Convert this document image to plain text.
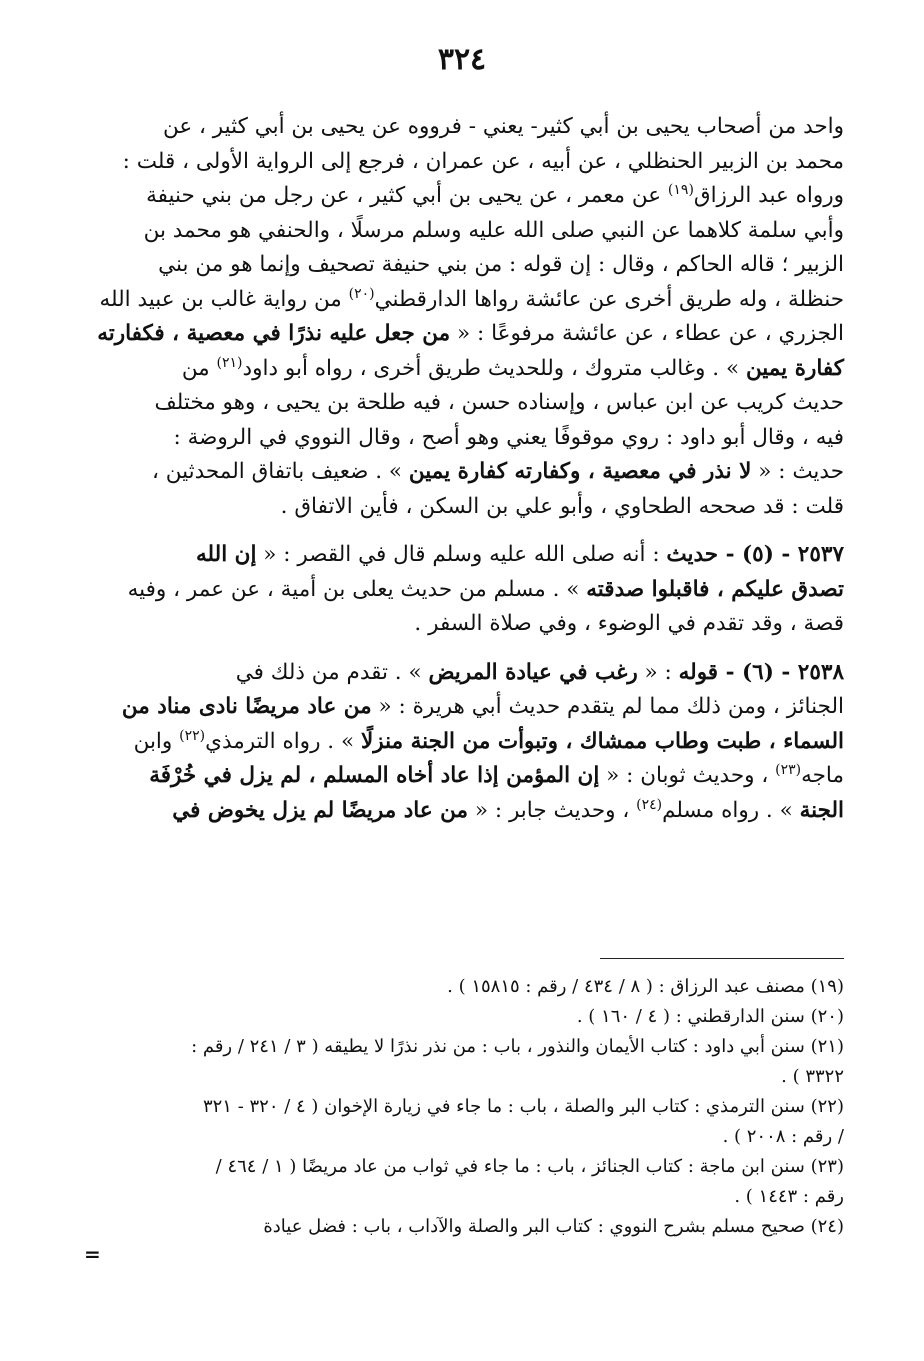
٣٢٤
واحد من أصحاب يحيى بن أبي كثير- يعني - فرووه عن يحيى بن أبي كثير ، عن
محمد بن الزبير الحنظلي ، عن أبيه ، عن عمران ، فرجع إلى الرواية الأولى ، قلت :
ورواه عبد الرزاق$^{(١٩)}$ عن معمر ، عن يحيى بن أبي كثير ، عن رجل من بني حنيفة
وأبي سلمة كلاهما عن النبي صلى الله عليه وسلم مرسلًا ، والحنفي هو محمد بن
الزبير ؛ قاله الحاكم ، وقال : إن قوله : من بني حنيفة تصحيف وإنما هو من بني
حنظلة ، وله طريق أخرى عن عائشة رواها الدارقطني$^{(٢٠)}$ من رواية غالب بن عبيد الله
الجزري ، عن عطاء ، عن عائشة مرفوعًا : « من جعل عليه نذرًا في معصية ، فكفارته
كفارة يمين » . وغالب متروك ، وللحديث طريق أخرى ، رواه أبو داود$^{(٢١)}$ من
حديث كريب عن ابن عباس ، وإسناده حسن ، فيه طلحة بن يحيى ، وهو مختلف
فيه ، وقال أبو داود : روي موقوفًا يعني وهو أصح ، وقال النووي في الروضة :
حديث : « لا نذر في معصية ، وكفارته كفارة يمين » . ضعيف باتفاق المحدثين ،
قلت : قد صححه الطحاوي ، وأبو علي بن السكن ، فأين الاتفاق .
٢٥٣٧ - (٥) - حديث : أنه صلى الله عليه وسلم قال في القصر : « إن الله
تصدق عليكم ، فاقبلوا صدقته » . مسلم من حديث يعلى بن أمية ، عن عمر ، وفيه
قصة ، وقد تقدم في الوضوء ، وفي صلاة السفر .
٢٥٣٨ - (٦) - قوله : « رغب في عيادة المريض » . تقدم من ذلك في
الجنائز ، ومن ذلك مما لم يتقدم حديث أبي هريرة : « من عاد مريضًا نادى مناد من
السماء ، طبت وطاب ممشاك ، وتبوأت من الجنة منزلًا » . رواه الترمذي$^{(٢٢)}$ وابن
ماجه$^{(٢٣)}$ ، وحديث ثوبان : « إن المؤمن إذا عاد أخاه المسلم ، لم يزل في خُرْفَة
الجنة » . رواه مسلم$^{(٢٤)}$ ، وحديث جابر : « من عاد مريضًا لم يزل يخوض في
(١٩) مصنف عبد الرزاق : ( ٨ / ٤٣٤ / رقم : ١٥٨١٥ ) .
(٢٠) سنن الدارقطني : ( ٤ / ١٦٠ ) .
(٢١) سنن أبي داود : كتاب الأيمان والنذور ، باب : من نذر نذرًا لا يطيقه ( ٣ / ٢٤١ / رقم :
٣٣٢٢ ) .
(٢٢) سنن الترمذي : كتاب البر والصلة ، باب : ما جاء في زيارة الإخوان ( ٤ / ٣٢٠ - ٣٢١
/ رقم : ٢٠٠٨ ) .
(٢٣) سنن ابن ماجة : كتاب الجنائز ، باب : ما جاء في ثواب من عاد مريضًا ( ١ / ٤٦٤ /
رقم : ١٤٤٣ ) .
(٢٤) صحيح مسلم بشرح النووي : كتاب البر والصلة والآداب ، باب : فضل عيادة
=
